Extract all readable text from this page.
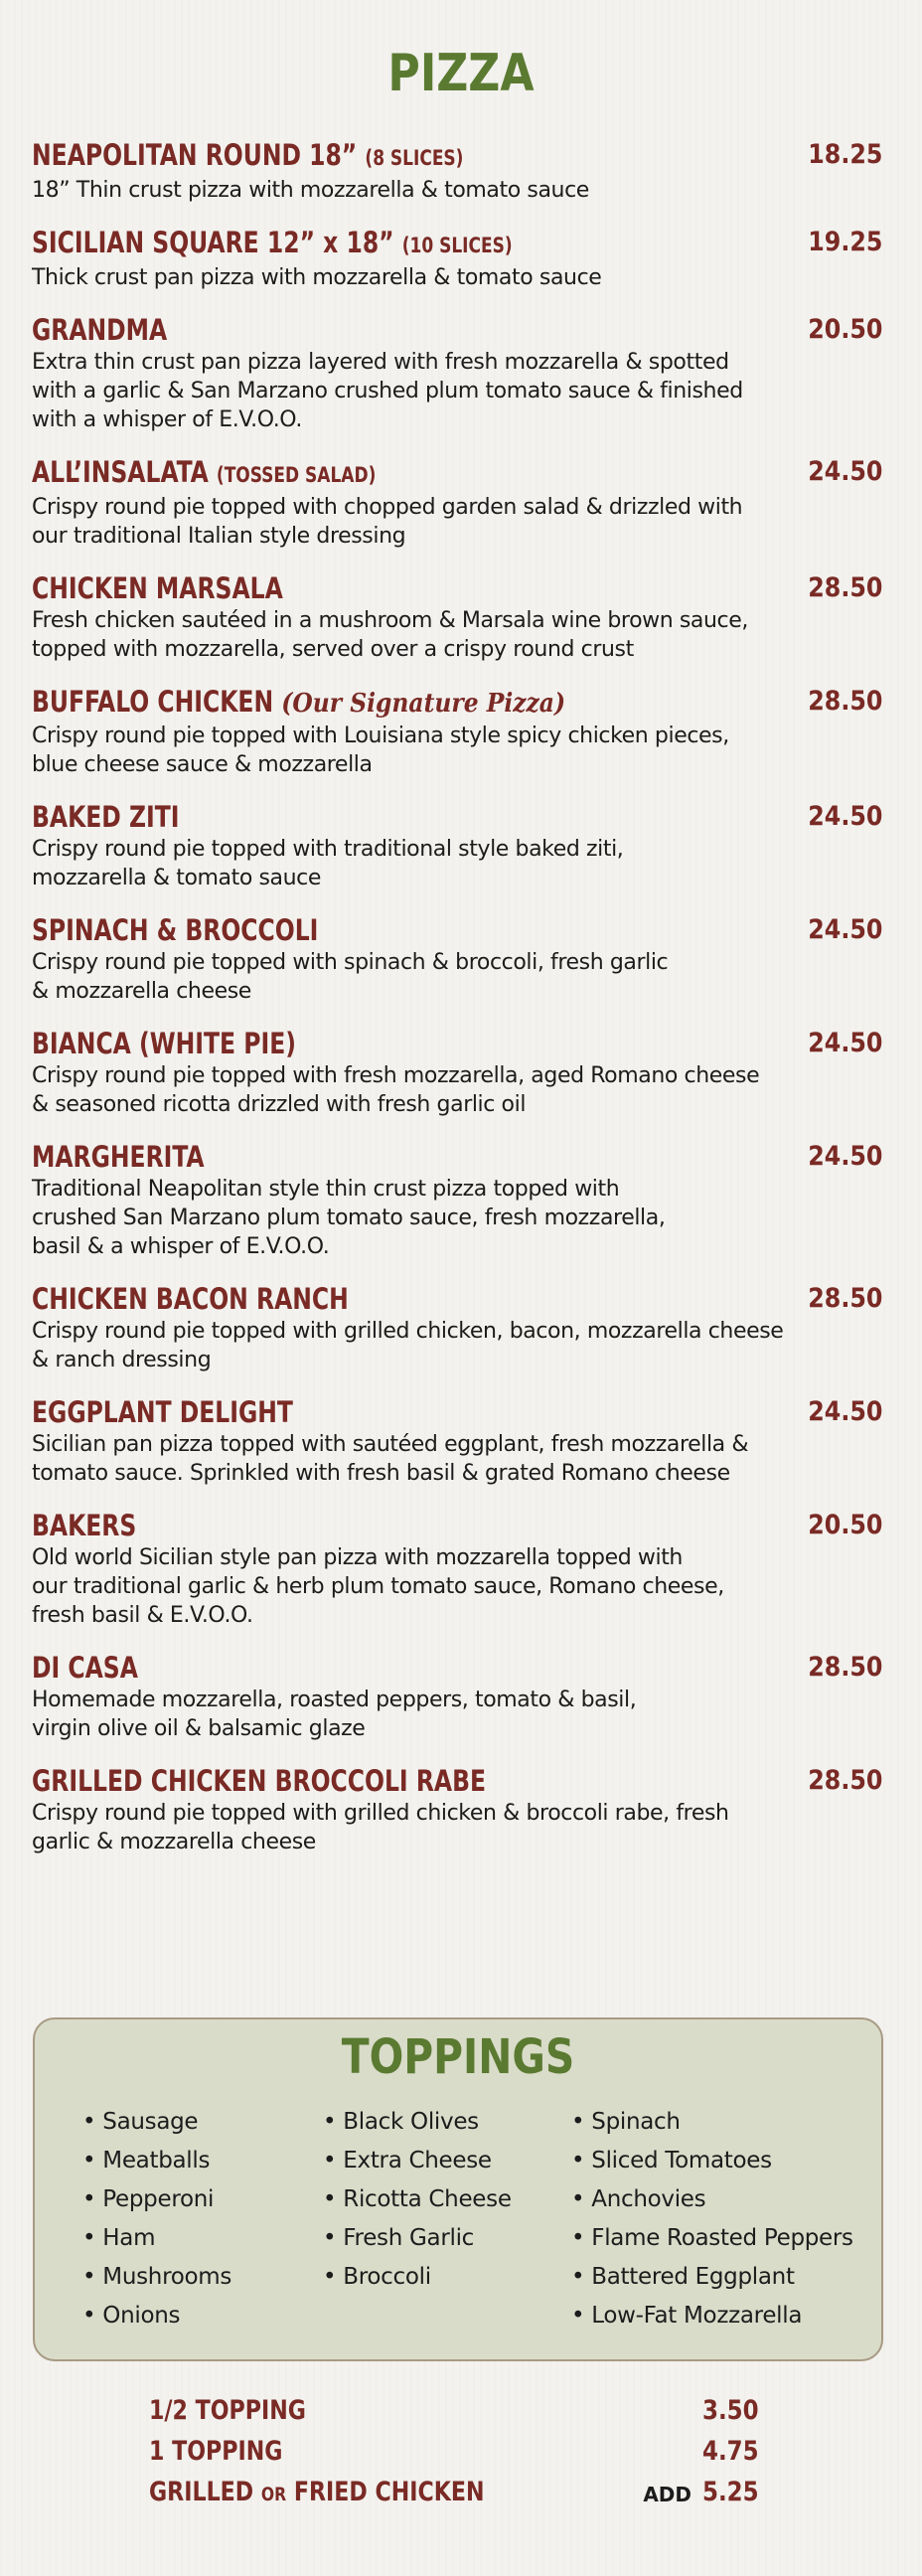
PIZZA
NEAPOLITAN ROUND 18” (8 SLICES)	18.25
18” Thin crust pizza with mozzarella & tomato sauce
SICILIAN SQUARE 12” x 18” (10 SLICES)	19.25
Thick crust pan pizza with mozzarella & tomato sauce
GRANDMA	20.50
Extra thin crust pan pizza layered with fresh mozzarella & spotted
with a garlic & San Marzano crushed plum tomato sauce & finished
with a whisper of E.V.O.O.
ALL’INSALATA (TOSSED SALAD)	24.50
Crispy round pie topped with chopped garden salad & drizzled with
our traditional Italian style dressing
CHICKEN MARSALA	28.50
Fresh chicken sautéed in a mushroom & Marsala wine brown sauce,
topped with mozzarella, served over a crispy round crust
BUFFALO CHICKEN (Our Signature Pizza)	28.50
Crispy round pie topped with Louisiana style spicy chicken pieces,
blue cheese sauce & mozzarella
BAKED ZITI	24.50
Crispy round pie topped with traditional style baked ziti,
mozzarella & tomato sauce
SPINACH & BROCCOLI	24.50
Crispy round pie topped with spinach & broccoli, fresh garlic
& mozzarella cheese
BIANCA (WHITE PIE)	24.50
Crispy round pie topped with fresh mozzarella, aged Romano cheese
& seasoned ricotta drizzled with fresh garlic oil
MARGHERITA	24.50
Traditional Neapolitan style thin crust pizza topped with
crushed San Marzano plum tomato sauce, fresh mozzarella,
basil & a whisper of E.V.O.O.
CHICKEN BACON RANCH	28.50
Crispy round pie topped with grilled chicken, bacon, mozzarella cheese
& ranch dressing
EGGPLANT DELIGHT	24.50
Sicilian pan pizza topped with sautéed eggplant, fresh mozzarella &
tomato sauce. Sprinkled with fresh basil & grated Romano cheese
BAKERS	20.50
Old world Sicilian style pan pizza with mozzarella topped with
our traditional garlic & herb plum tomato sauce, Romano cheese,
fresh basil & E.V.O.O.
DI CASA	28.50
Homemade mozzarella, roasted peppers, tomato & basil,
virgin olive oil & balsamic glaze
GRILLED CHICKEN BROCCOLI RABE	28.50
Crispy round pie topped with grilled chicken & broccoli rabe, fresh
garlic & mozzarella cheese
TOPPINGS
• Sausage
• Meatballs
• Pepperoni
• Ham
• Mushrooms
• Onions
• Black Olives
• Extra Cheese
• Ricotta Cheese
• Fresh Garlic
• Broccoli
• Spinach
• Sliced Tomatoes
• Anchovies
• Flame Roasted Peppers
• Battered Eggplant
• Low-Fat Mozzarella
1/2 TOPPING	3.50
1 TOPPING	4.75
GRILLED OR FRIED CHICKEN	ADD 5.25
